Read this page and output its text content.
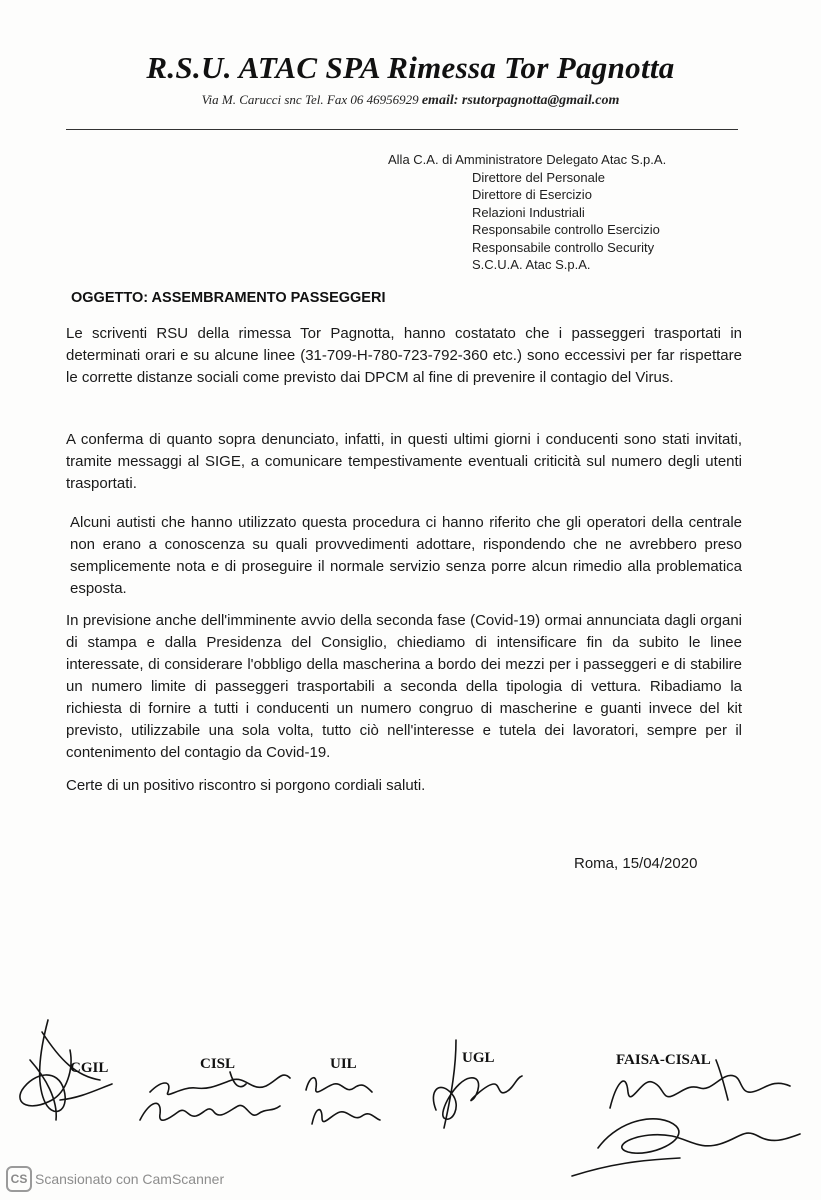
R.S.U. ATAC SPA Rimessa Tor Pagnotta
Via M. Carucci snc Tel. Fax 06 46956929 email: rsutorpagnotta@gmail.com
Alla C.A. di Amministratore Delegato Atac S.p.A.
Direttore del Personale
Direttore di Esercizio
Relazioni Industriali
Responsabile controllo Esercizio
Responsabile controllo Security
S.C.U.A. Atac S.p.A.
OGGETTO: ASSEMBRAMENTO PASSEGGERI
Le scriventi RSU della rimessa Tor Pagnotta, hanno costatato che i passeggeri trasportati in determinati orari e su alcune linee (31-709-H-780-723-792-360 etc.) sono eccessivi per far rispettare le corrette distanze sociali come previsto dai DPCM al fine di prevenire il contagio del Virus.
A conferma di quanto sopra denunciato, infatti, in questi ultimi giorni i conducenti sono stati invitati, tramite messaggi al SIGE, a comunicare tempestivamente eventuali criticità sul numero degli utenti trasportati.
Alcuni autisti che hanno utilizzato questa procedura ci hanno riferito che gli operatori della centrale non erano a conoscenza su quali provvedimenti adottare, rispondendo che ne avrebbero preso semplicemente nota e di proseguire il normale servizio senza porre alcun rimedio alla problematica esposta.
In previsione anche dell'imminente avvio della seconda fase (Covid-19) ormai annunciata dagli organi di stampa e dalla Presidenza del Consiglio, chiediamo di intensificare fin da subito le linee interessate, di considerare l'obbligo della mascherina a bordo dei mezzi per i passeggeri e di stabilire un numero limite di passeggeri trasportabili a seconda della tipologia di vettura. Ribadiamo la richiesta di fornire a tutti i conducenti un numero congruo di mascherine e guanti invece del kit previsto, utilizzabile una sola volta, tutto ciò nell'interesse e tutela dei lavoratori, sempre per il contenimento del contagio da Covid-19.
Certe di un positivo riscontro si porgono cordiali saluti.
Roma, 15/04/2020
CGIL	CISL	UIL	UGL	FAISA-CISAL
CS Scansionato con CamScanner
